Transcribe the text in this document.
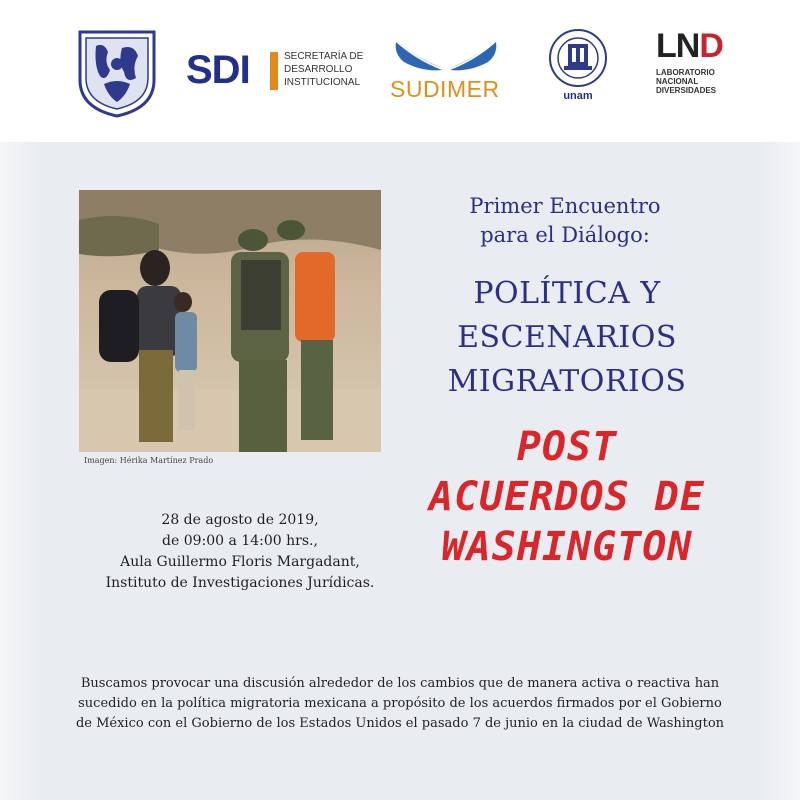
SDI	SECRETARÍA DE
DESARROLLO
INSTITUCIONAL SUDIMER	unam
LND
LABORATORIO
NACIONAL
DIVERSIDADES
Imagen: Hérika Martínez Prado
28 de agosto de 2019,
de 09:00 a 14:00 hrs.,
Aula Guillermo Floris Margadant,
Instituto de Investigaciones Jurídicas.
Primer Encuentro
para el Diálogo:
POLÍTICA Y
ESCENARIOS
MIGRATORIOS
POST
ACUERDOS DE
WASHINGTON
Buscamos provocar una discusión alrededor de los cambios que de manera activa o reactiva han sucedido en la política migratoria mexicana a propósito de los acuerdos firmados por el Gobierno de México con el Gobierno de los Estados Unidos el pasado 7 de junio en la ciudad de Washington
